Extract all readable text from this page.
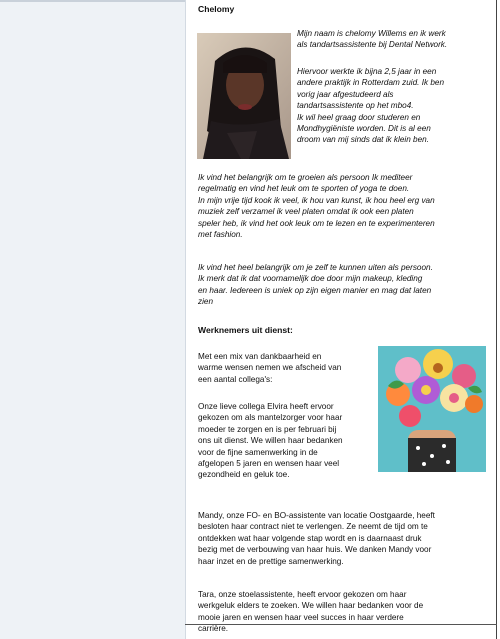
Chelomy
Mijn naam is chelomy Willems en ik werk
als tandartsassistente bij Dental Network.
Hiervoor werkte ik bijna 2,5 jaar in een
andere praktijk in Rotterdam zuid. Ik ben
vorig jaar afgestudeerd als
tandartsassistente op het mbo4.
Ik wil heel graag door studeren en
Mondhygiëniste worden. Dit is al een
droom van mij sinds dat ik klein ben.
Ik vind het belangrijk om te groeien als persoon Ik mediteer
regelmatig en vind het leuk om te sporten of yoga te doen.
In mijn vrije tijd kook ik veel, ik hou van kunst, ik hou heel erg van
muziek zelf verzamel ik veel platen omdat ik ook een platen
speler heb, ik vind het ook leuk om te lezen en te experimenteren
met fashion.
Ik vind het heel belangrijk om je zelf te kunnen uiten als persoon.
Ik merk dat ik dat voornamelijk doe door mijn makeup, kleding
en haar. Iedereen is uniek op zijn eigen manier en mag dat laten
zien
Werknemers uit dienst:
Met een mix van dankbaarheid en
warme wensen nemen we afscheid van
een aantal collega's:
Onze lieve collega Elvira heeft ervoor
gekozen om als mantelzorger voor haar
moeder te zorgen en is per februari bij
ons uit dienst. We willen haar bedanken
voor de fijne samenwerking in de
afgelopen 5 jaren en wensen haar veel
gezondheid en geluk toe.
Mandy, onze FO- en BO-assistente van locatie Oostgaarde, heeft
besloten haar contract niet te verlengen. Ze neemt de tijd om te
ontdekken wat haar volgende stap wordt en is daarnaast druk
bezig met de verbouwing van haar huis. We danken Mandy voor
haar inzet en de prettige samenwerking.
Tara, onze stoelassistente, heeft ervoor gekozen om haar
werkgeluk elders te zoeken. We willen haar bedanken voor de
mooie jaren en wensen haar veel succes in haar verdere
carrière.
